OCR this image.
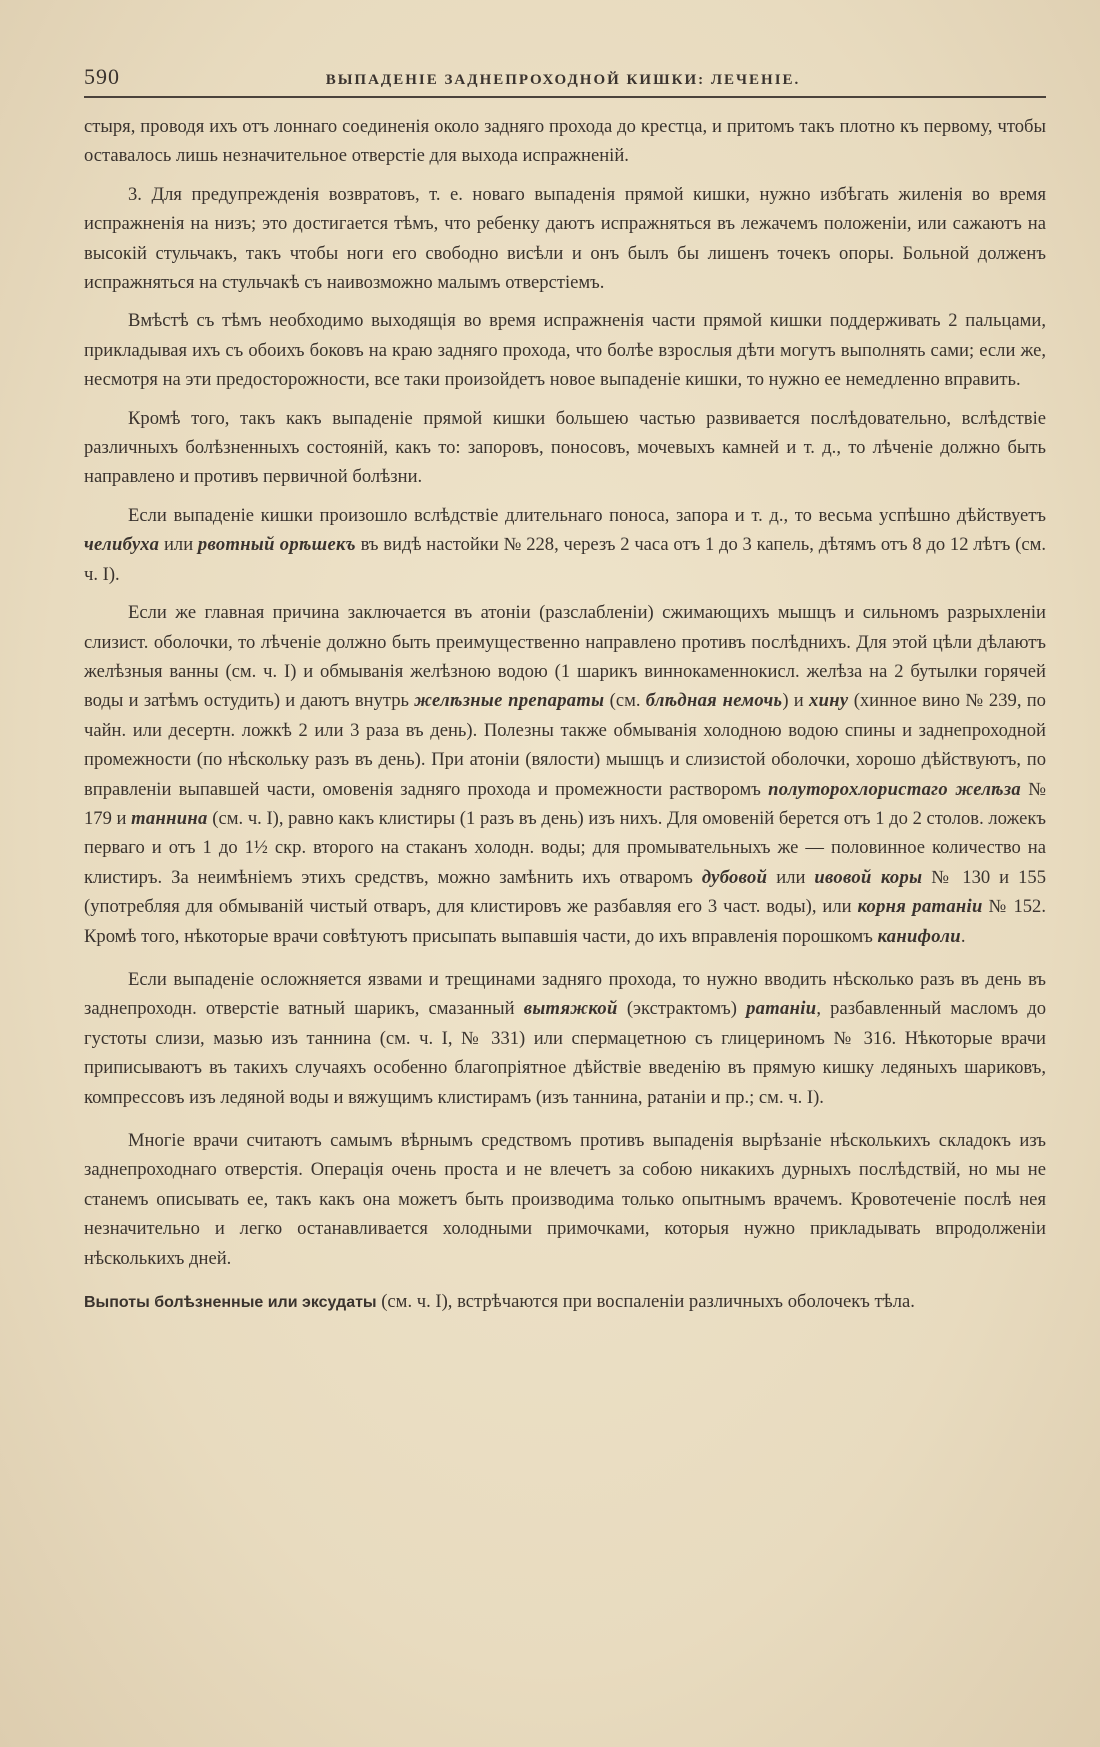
590	ВЫПАДЕНІЕ ЗАДНЕПРОХОДНОЙ КИШКИ: ЛЕЧЕНІЕ.

стыря, проводя ихъ отъ лоннаго соединенія около задняго прохода до крестца, и притомъ такъ плотно къ первому, чтобы оставалось лишь незначительное отверстіе для выхода испражненій.

3. Для предупрежденія возвратовъ, т. е. новаго выпаденія прямой кишки, нужно избѣгать жиленія во время испражненія на низъ; это достигается тѣмъ, что ребенку даютъ испражняться въ лежачемъ положеніи, или сажаютъ на высокій стульчакъ, такъ чтобы ноги его свободно висѣли и онъ былъ бы лишенъ точекъ опоры. Больной долженъ испражняться на стульчакѣ съ наивозможно малымъ отверстіемъ.

Вмѣстѣ съ тѣмъ необходимо выходящія во время испражненія части прямой кишки поддерживать 2 пальцами, прикладывая ихъ съ обоихъ боковъ на краю задняго прохода, что болѣе взрослыя дѣти могутъ выполнять сами; если же, несмотря на эти предосторожности, все таки произойдетъ новое выпаденіе кишки, то нужно ее немедленно вправить.

Кромѣ того, такъ какъ выпаденіе прямой кишки большею частью развивается послѣдовательно, вслѣдствіе различныхъ болѣзненныхъ состояній, какъ то: запоровъ, поносовъ, мочевыхъ камней и т. д., то лѣченіе должно быть направлено и противъ первичной болѣзни.

Если выпаденіе кишки произошло вслѣдствіе длительнаго поноса, запора и т. д., то весьма успѣшно дѣйствуетъ челибуха или рвотный орѣшекъ въ видѣ настойки № 228, черезъ 2 часа отъ 1 до 3 капель, дѣтямъ отъ 8 до 12 лѣтъ (см. ч. I).

Если же главная причина заключается въ атоніи (разслабленіи) сжимающихъ мышцъ и сильномъ разрыхленіи слизист. оболочки, то лѣченіе должно быть преимущественно направлено противъ послѣднихъ. Для этой цѣли дѣлаютъ желѣзныя ванны (см. ч. I) и обмыванія желѣзною водою (1 шарикъ виннокаменнокисл. желѣза на 2 бутылки горячей воды и затѣмъ остудить) и даютъ внутрь желѣзные препараты (см. блѣдная немочь) и хину (хинное вино № 239, по чайн. или десертн. ложкѣ 2 или 3 раза въ день). Полезны также обмыванія холодною водою спины и заднепроходной промежности (по нѣскольку разъ въ день). При атоніи (вялости) мышцъ и слизистой оболочки, хорошо дѣйствуютъ, по вправленіи выпавшей части, омовенія задняго прохода и промежности растворомъ полуторохлористаго желѣза № 179 и таннина (см. ч. I), равно какъ клистиры (1 разъ въ день) изъ нихъ. Для омовеній берется отъ 1 до 2 столов. ложекъ перваго и отъ 1 до 1½ скр. второго на стаканъ холодн. воды; для промывательныхъ же — половинное количество на клистиръ. За неимѣніемъ этихъ средствъ, можно замѣнить ихъ отваромъ дубовой или ивовой коры № 130 и 155 (употребляя для обмываній чистый отваръ, для клистировъ же разбавляя его 3 част. воды), или корня ратаніи № 152. Кромѣ того, нѣкоторые врачи совѣтуютъ присыпать выпавшія части, до ихъ вправленія порошкомъ канифоли.

Если выпаденіе осложняется язвами и трещинами задняго прохода, то нужно вводить нѣсколько разъ въ день въ заднепроходн. отверстіе ватный шарикъ, смазанный вытяжкой (экстрактомъ) ратаніи, разбавленный масломъ до густоты слизи, мазью изъ таннина (см. ч. I, № 331) или спермацетною съ глицериномъ № 316. Нѣкоторые врачи приписываютъ въ такихъ случаяхъ особенно благопріятное дѣйствіе введенію въ прямую кишку ледяныхъ шариковъ, компрессовъ изъ ледяной воды и вяжущимъ клистирамъ (изъ таннина, ратаніи и пр.; см. ч. I).

Многіе врачи считаютъ самымъ вѣрнымъ средствомъ противъ выпаденія вырѣзаніе нѣсколькихъ складокъ изъ заднепроходнаго отверстія. Операція очень проста и не влечетъ за собою никакихъ дурныхъ послѣдствій, но мы не станемъ описывать ее, такъ какъ она можетъ быть производима только опытнымъ врачемъ. Кровотеченіе послѣ нея незначительно и легко останавливается холодными примочками, которыя нужно прикладывать впродолженіи нѣсколькихъ дней.

Выпоты болѣзненные или эксудаты (см. ч. I), встрѣчаются при воспаленіи различныхъ оболочекъ тѣла.
